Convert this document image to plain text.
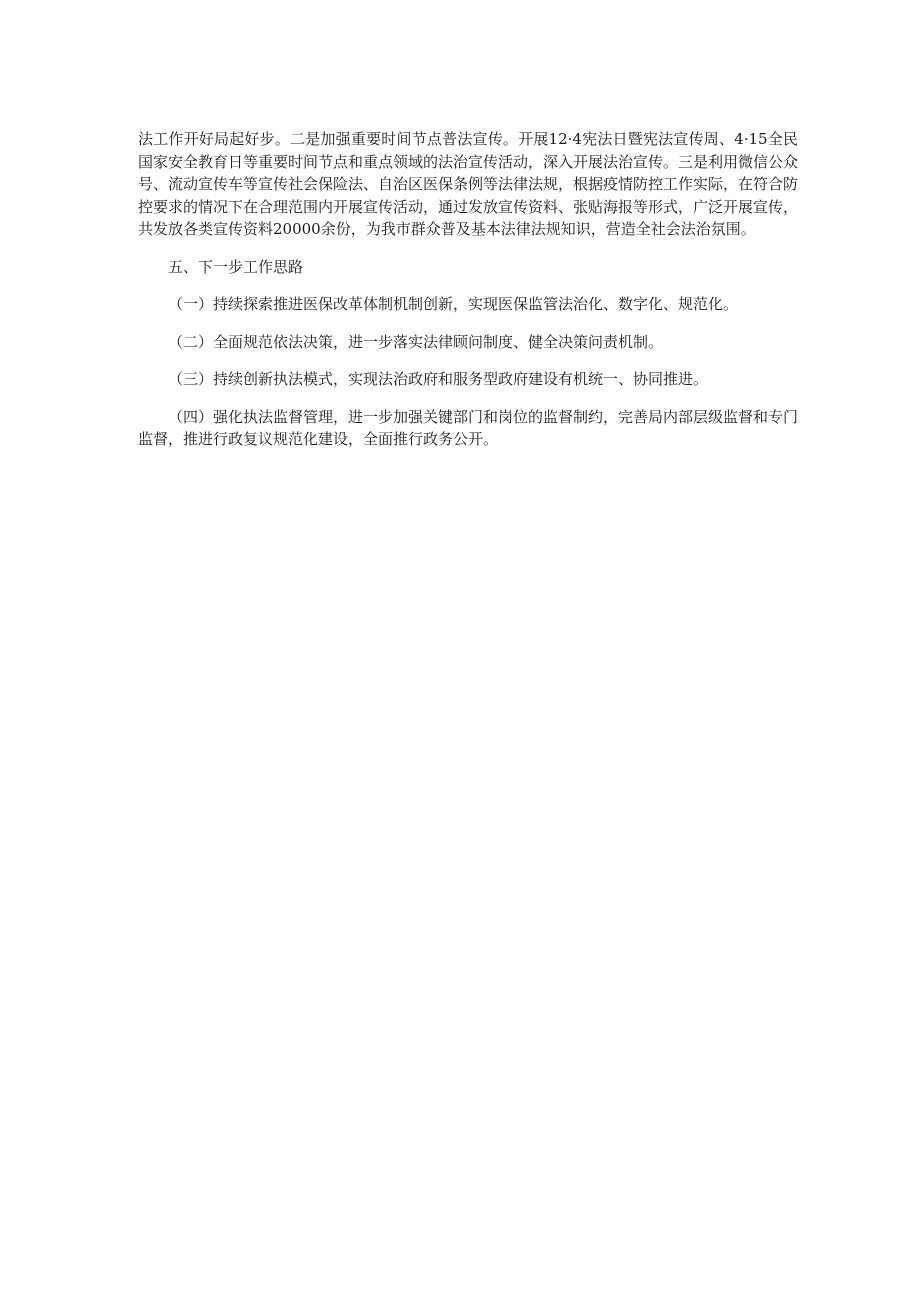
法工作开好局起好步。二是加强重要时间节点普法宣传。开展12·4宪法日暨宪法宣传周、4·15全民国家安全教育日等重要时间节点和重点领域的法治宣传活动，深入开展法治宣传。三是利用微信公众号、流动宣传车等宣传社会保险法、自治区医保条例等法律法规，根据疫情防控工作实际，在符合防控要求的情况下在合理范围内开展宣传活动，通过发放宣传资料、张贴海报等形式，广泛开展宣传，共发放各类宣传资料20000余份，为我市群众普及基本法律法规知识，营造全社会法治氛围。

五、下一步工作思路

（一）持续探索推进医保改革体制机制创新，实现医保监管法治化、数字化、规范化。

（二）全面规范依法决策，进一步落实法律顾问制度、健全决策问责机制。

（三）持续创新执法模式，实现法治政府和服务型政府建设有机统一、协同推进。

（四）强化执法监督管理，进一步加强关键部门和岗位的监督制约，完善局内部层级监督和专门监督，推进行政复议规范化建设，全面推行政务公开。
